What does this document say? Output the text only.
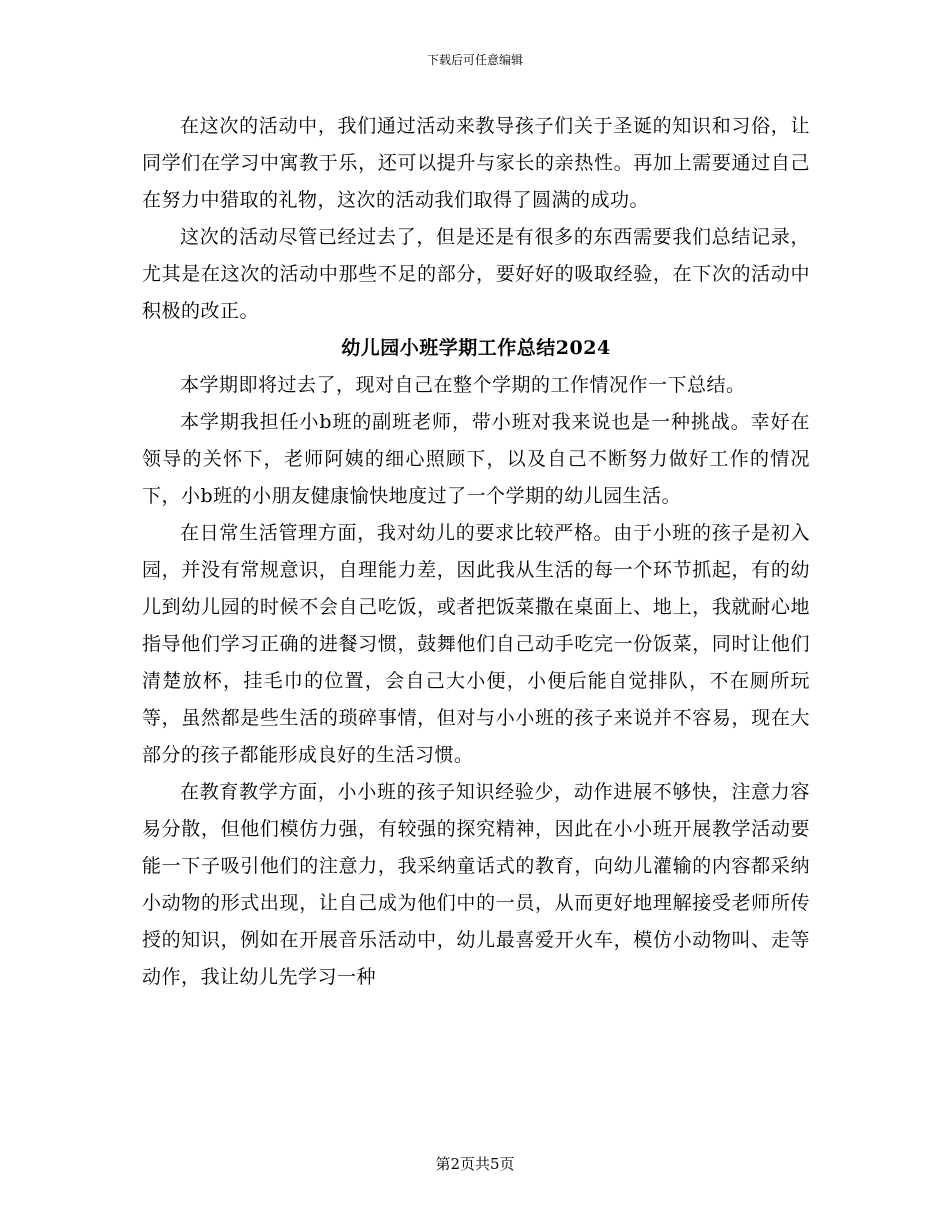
下载后可任意编辑

在这次的活动中，我们通过活动来教导孩子们关于圣诞的知识和习俗，让同学们在学习中寓教于乐，还可以提升与家长的亲热性。再加上需要通过自己在努力中猎取的礼物，这次的活动我们取得了圆满的成功。

这次的活动尽管已经过去了，但是还是有很多的东西需要我们总结记录，尤其是在这次的活动中那些不足的部分，要好好的吸取经验，在下次的活动中积极的改正。

幼儿园小班学期工作总结2024

本学期即将过去了，现对自己在整个学期的工作情况作一下总结。

本学期我担任小b班的副班老师，带小班对我来说也是一种挑战。幸好在领导的关怀下，老师阿姨的细心照顾下，以及自己不断努力做好工作的情况下，小b班的小朋友健康愉快地度过了一个学期的幼儿园生活。

在日常生活管理方面，我对幼儿的要求比较严格。由于小班的孩子是初入园，并没有常规意识，自理能力差，因此我从生活的每一个环节抓起，有的幼儿到幼儿园的时候不会自己吃饭，或者把饭菜撒在桌面上、地上，我就耐心地指导他们学习正确的进餐习惯，鼓舞他们自己动手吃完一份饭菜，同时让他们清楚放杯，挂毛巾的位置，会自己大小便，小便后能自觉排队，不在厕所玩等，虽然都是些生活的琐碎事情，但对与小小班的孩子来说并不容易，现在大部分的孩子都能形成良好的生活习惯。

在教育教学方面，小小班的孩子知识经验少，动作进展不够快，注意力容易分散，但他们模仿力强，有较强的探究精神，因此在小小班开展教学活动要能一下子吸引他们的注意力，我采纳童话式的教育，向幼儿灌输的内容都采纳小动物的形式出现，让自己成为他们中的一员，从而更好地理解接受老师所传授的知识，例如在开展音乐活动中，幼儿最喜爱开火车，模仿小动物叫、走等动作，我让幼儿先学习一种

第2页共5页
